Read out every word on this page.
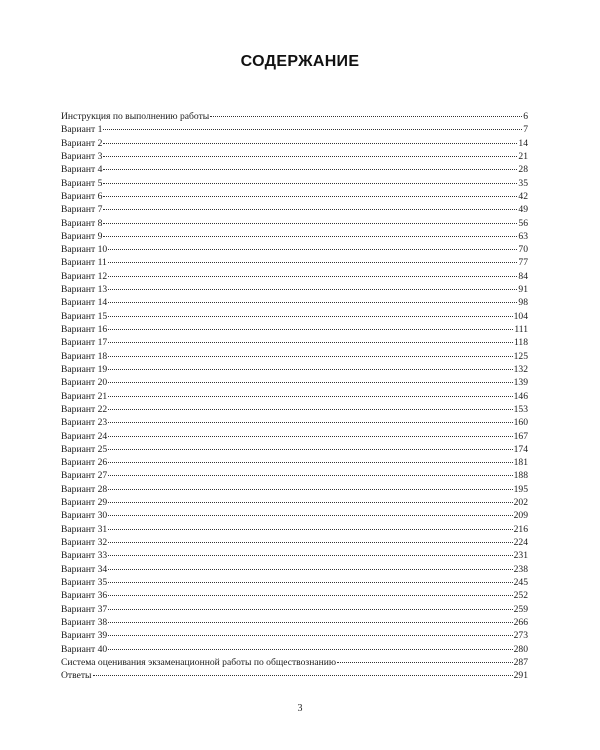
СОДЕРЖАНИЕ
Инструкция по выполнению работы	6
Вариант 1	7
Вариант 2	14
Вариант 3	21
Вариант 4	28
Вариант 5	35
Вариант 6	42
Вариант 7	49
Вариант 8	56
Вариант 9	63
Вариант 10	70
Вариант 11	77
Вариант 12	84
Вариант 13	91
Вариант 14	98
Вариант 15	104
Вариант 16	111
Вариант 17	118
Вариант 18	125
Вариант 19	132
Вариант 20	139
Вариант 21	146
Вариант 22	153
Вариант 23	160
Вариант 24	167
Вариант 25	174
Вариант 26	181
Вариант 27	188
Вариант 28	195
Вариант 29	202
Вариант 30	209
Вариант 31	216
Вариант 32	224
Вариант 33	231
Вариант 34	238
Вариант 35	245
Вариант 36	252
Вариант 37	259
Вариант 38	266
Вариант 39	273
Вариант 40	280
Система оценивания экзаменационной работы по обществознанию	287
Ответы	291
3
